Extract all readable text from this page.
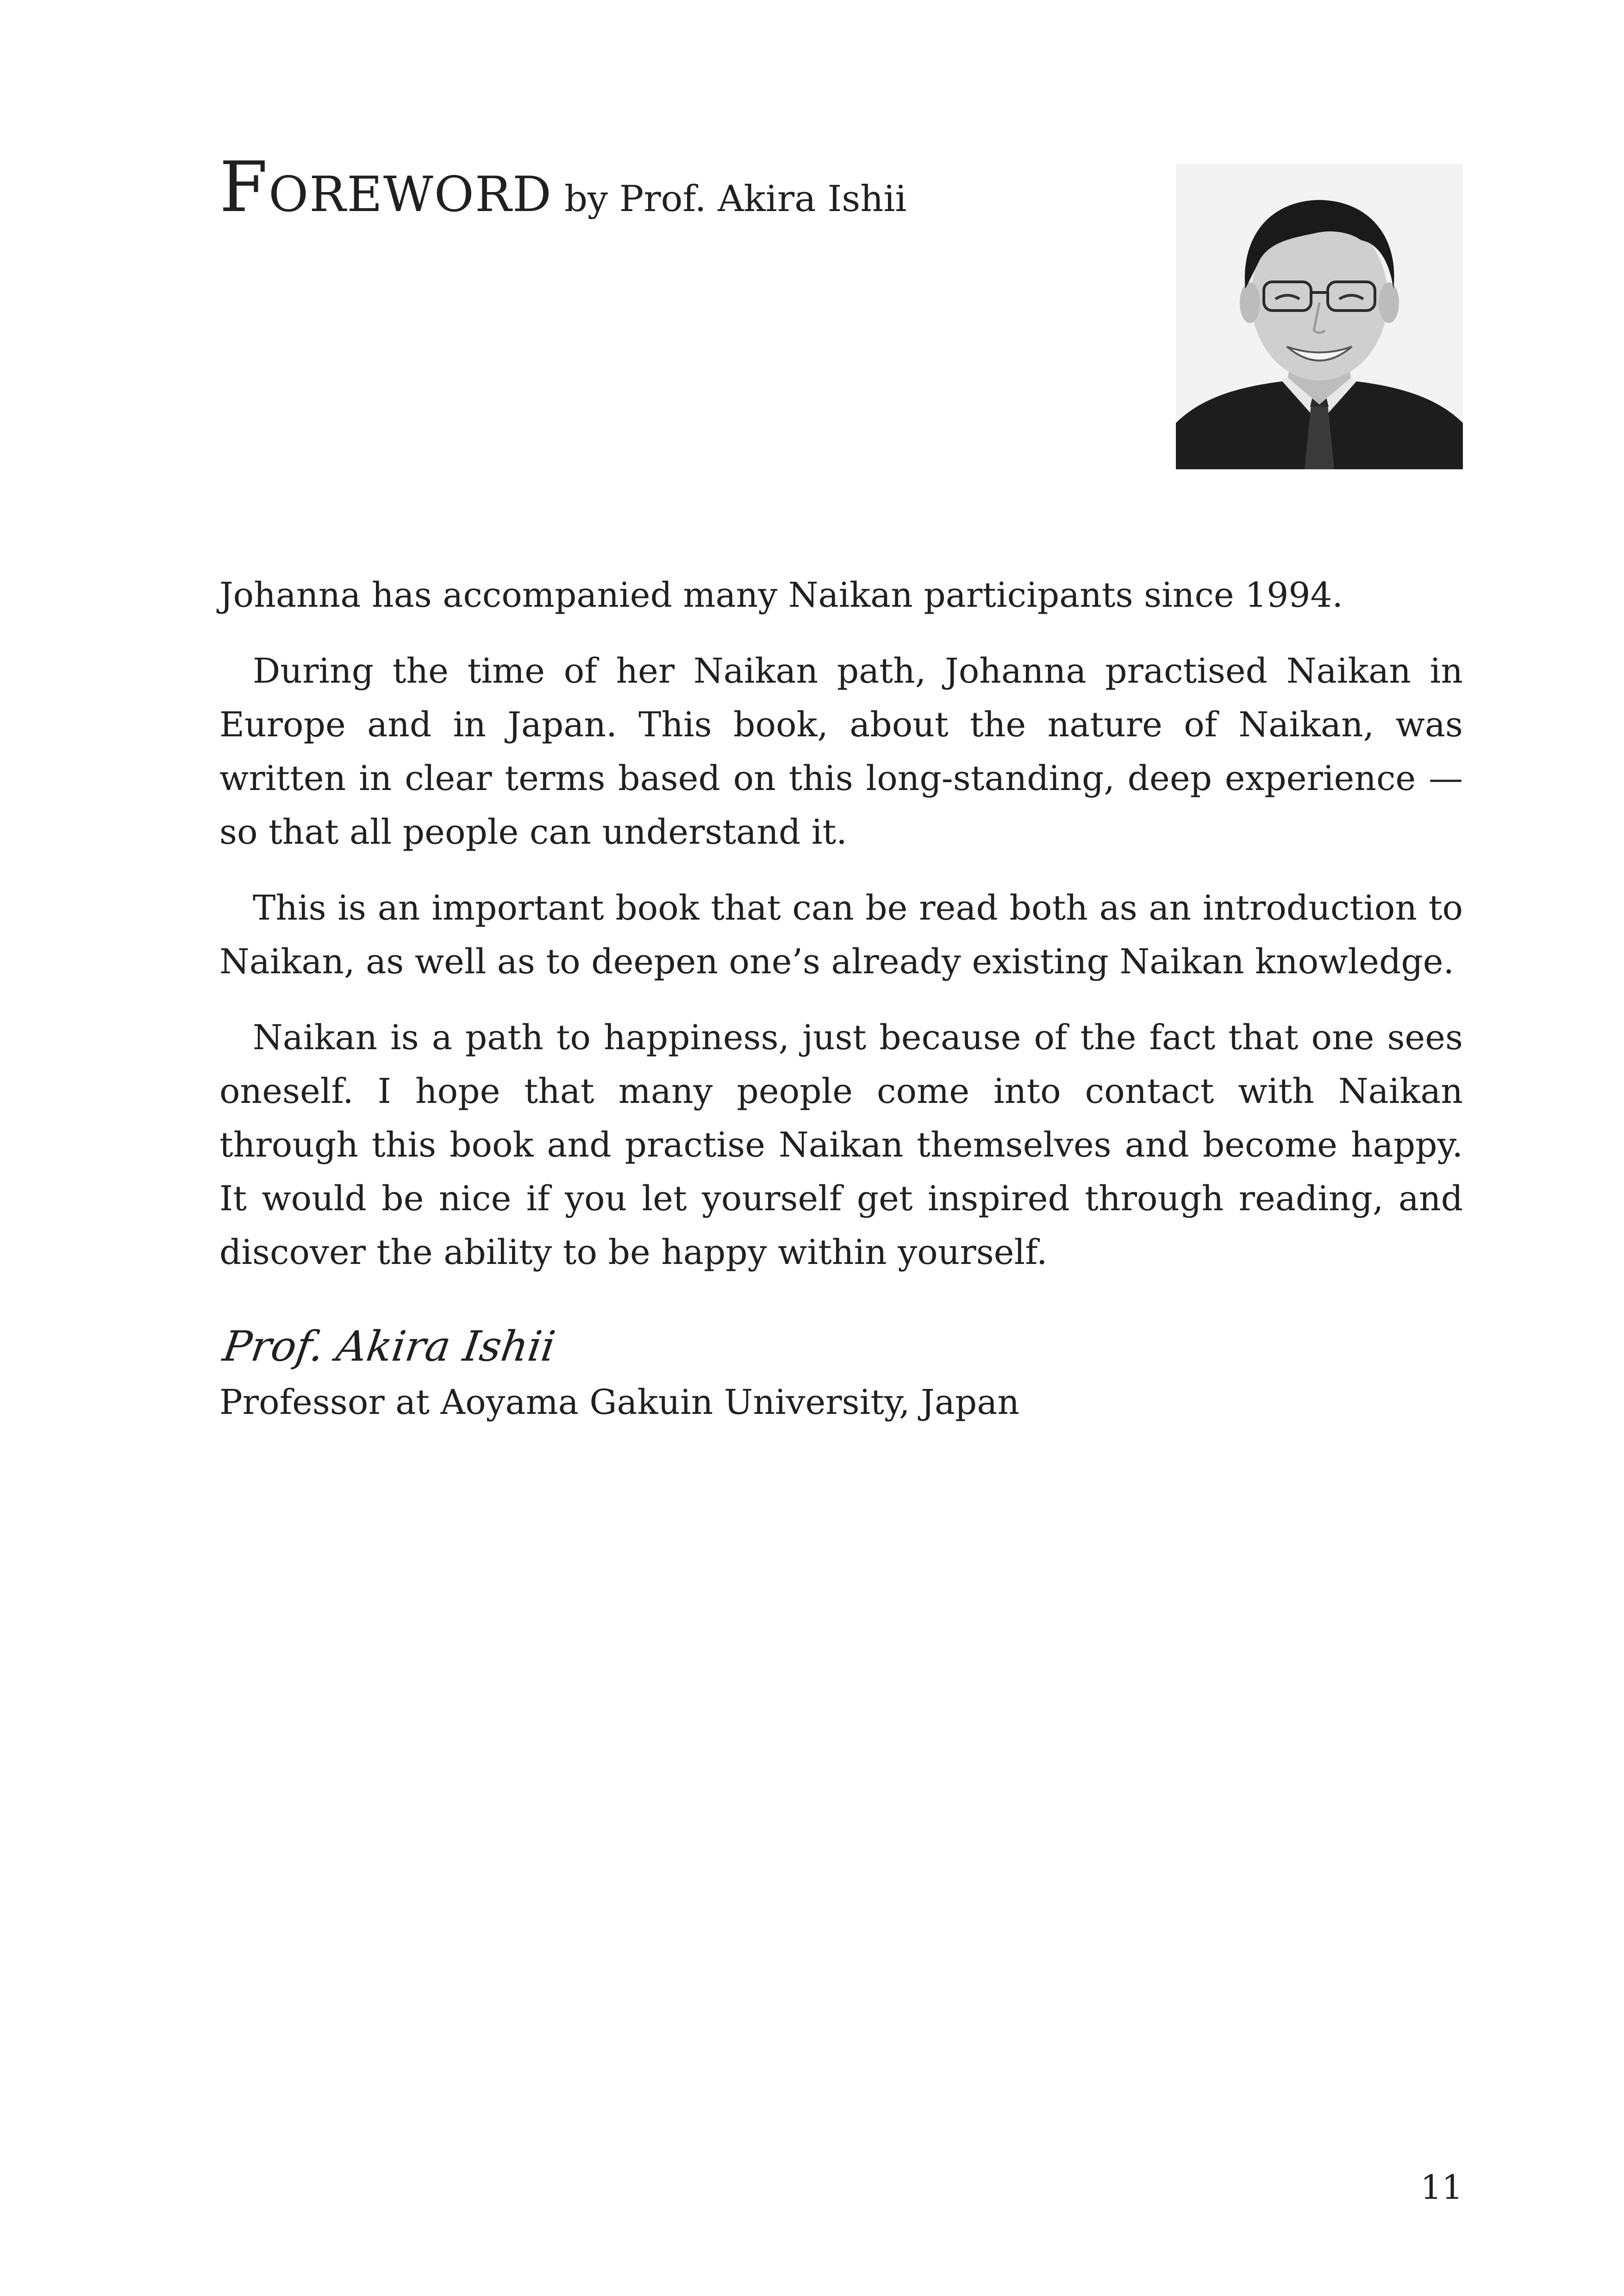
Foreword by Prof. Akira Ishii

Johanna has accompanied many Naikan participants since 1994.

During the time of her Naikan path, Johanna practised Naikan in Europe and in Japan. This book, about the nature of Naikan, was written in clear terms based on this long-standing, deep experience — so that all people can understand it.

This is an important book that can be read both as an introduction to Naikan, as well as to deepen one’s already existing Naikan knowledge.

Naikan is a path to happiness, just because of the fact that one sees oneself. I hope that many people come into contact with Naikan through this book and practise Naikan themselves and become happy. It would be nice if you let yourself get inspired through reading, and discover the ability to be happy within yourself.

Prof. Akira Ishii
Professor at Aoyama Gakuin University, Japan
11
